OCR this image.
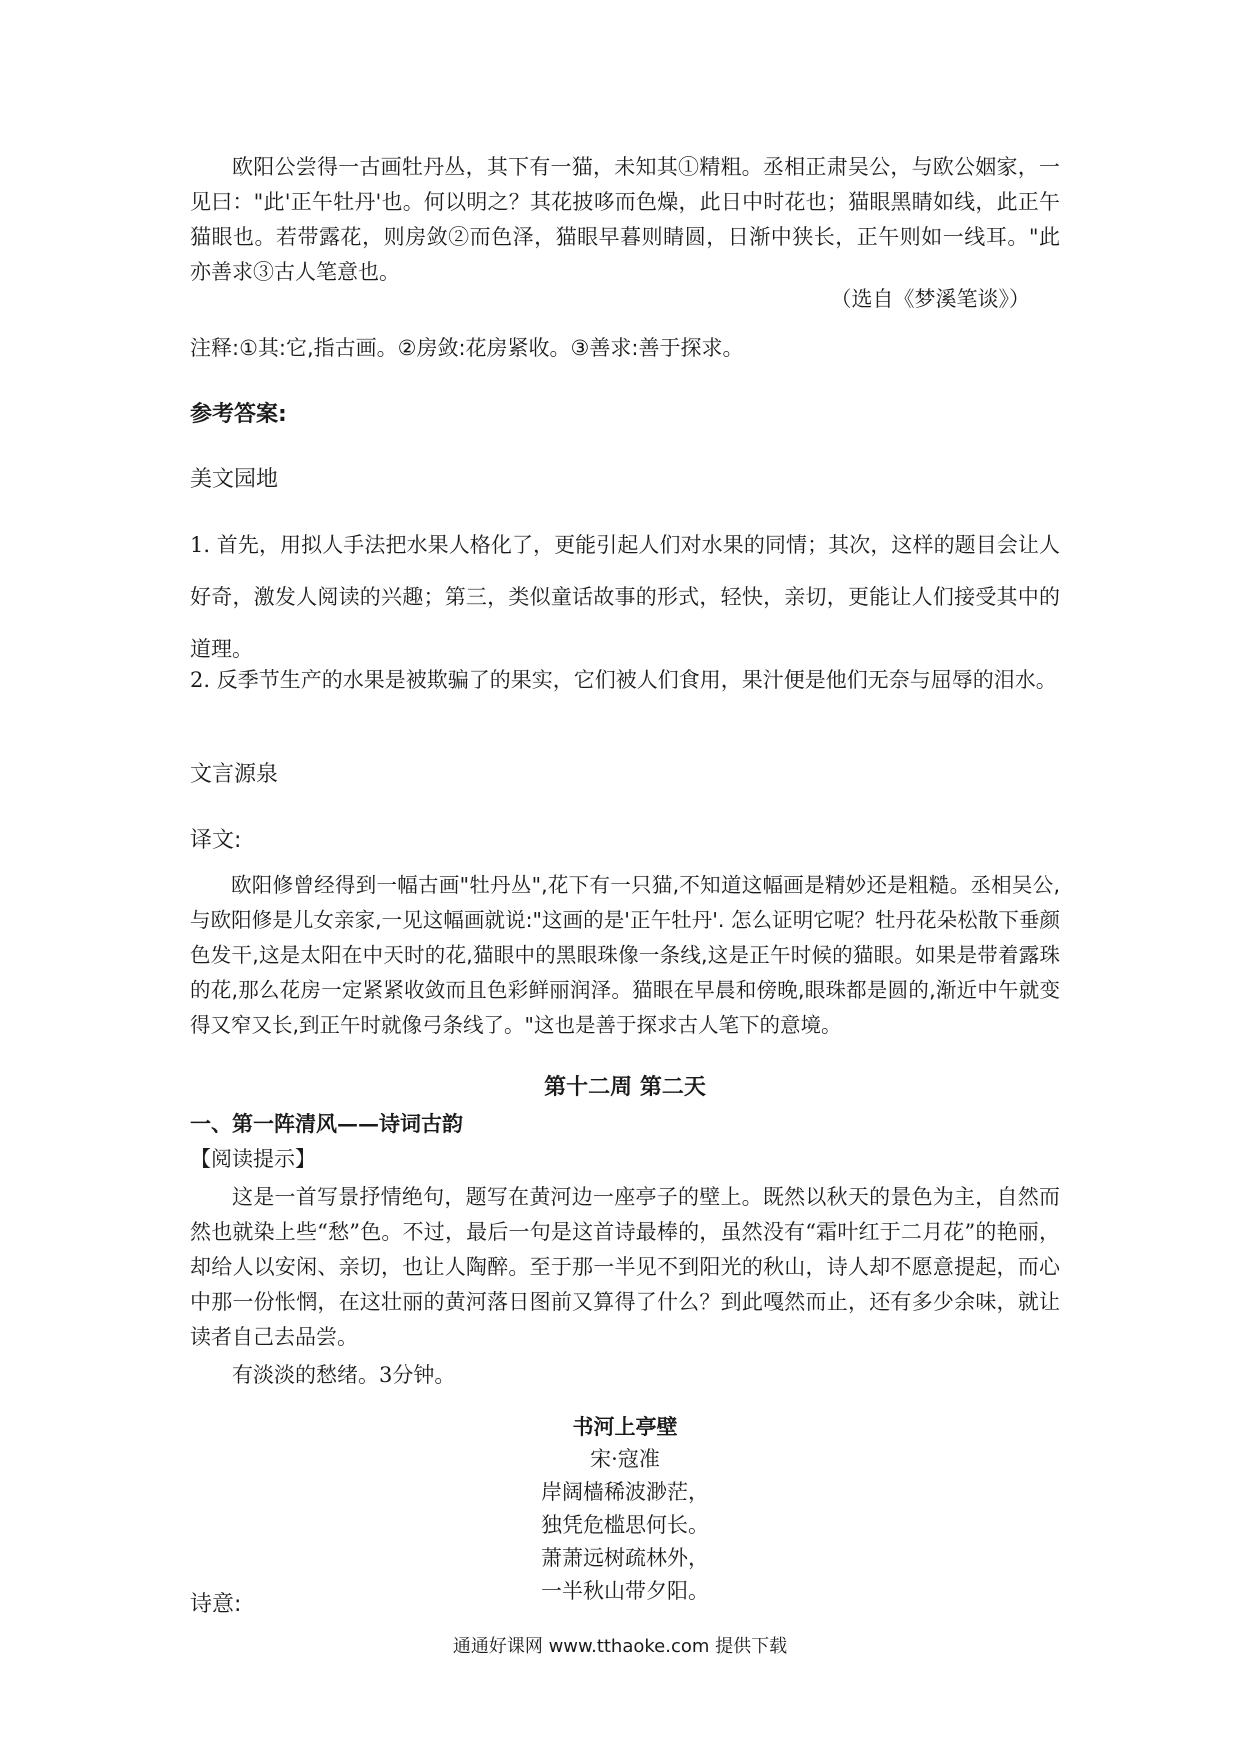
欧阳公尝得一古画牡丹丛，其下有一猫，未知其①精粗。丞相正肃吴公，与欧公姻家，一见曰："此'正午牡丹'也。何以明之？其花披哆而色燥，此日中时花也；猫眼黑睛如线，此正午猫眼也。若带露花，则房敛②而色泽，猫眼早暮则睛圆，日渐中狭长，正午则如一线耳。"此亦善求③古人笔意也。

（选自《梦溪笔谈》）
注释:①其:它,指古画。②房敛:花房紧收。③善求:善于探求。
参考答案:
美文园地

1. 首先，用拟人手法把水果人格化了，更能引起人们对水果的同情；其次，这样的题目会让人好奇，激发人阅读的兴趣；第三，类似童话故事的形式，轻快，亲切，更能让人们接受其中的道理。

2. 反季节生产的水果是被欺骗了的果实，它们被人们食用，果汁便是他们无奈与屈辱的泪水。

文言源泉
译文:

欧阳修曾经得到一幅古画"牡丹丛",花下有一只猫,不知道这幅画是精妙还是粗糙。丞相吴公,与欧阳修是儿女亲家,一见这幅画就说:"这画的是'正午牡丹'. 怎么证明它呢？牡丹花朵松散下垂颜色发干,这是太阳在中天时的花,猫眼中的黑眼珠像一条线,这是正午时候的猫眼。如果是带着露珠的花,那么花房一定紧紧收敛而且色彩鲜丽润泽。猫眼在早晨和傍晚,眼珠都是圆的,渐近中午就变得又窄又长,到正午时就像弓条线了。"这也是善于探求古人笔下的意境。

第十二周 第二天
一、第一阵清风——诗词古韵
【阅读提示】

这是一首写景抒情绝句，题写在黄河边一座亭子的壁上。既然以秋天的景色为主，自然而然也就染上些“愁”色。不过，最后一句是这首诗最棒的，虽然没有“霜叶红于二月花”的艳丽，却给人以安闲、亲切，也让人陶醉。至于那一半见不到阳光的秋山，诗人却不愿意提起，而心中那一份怅惘，在这壮丽的黄河落日图前又算得了什么？到此嘎然而止，还有多少余味，就让读者自己去品尝。

有淡淡的愁绪。3分钟。

书河上亭壁
宋·寇准
岸阔樯稀波渺茫，
独凭危槛思何长。
萧萧远树疏林外，
一半秋山带夕阳。
诗意:
通通好课网 www.tthaoke.com 提供下载
